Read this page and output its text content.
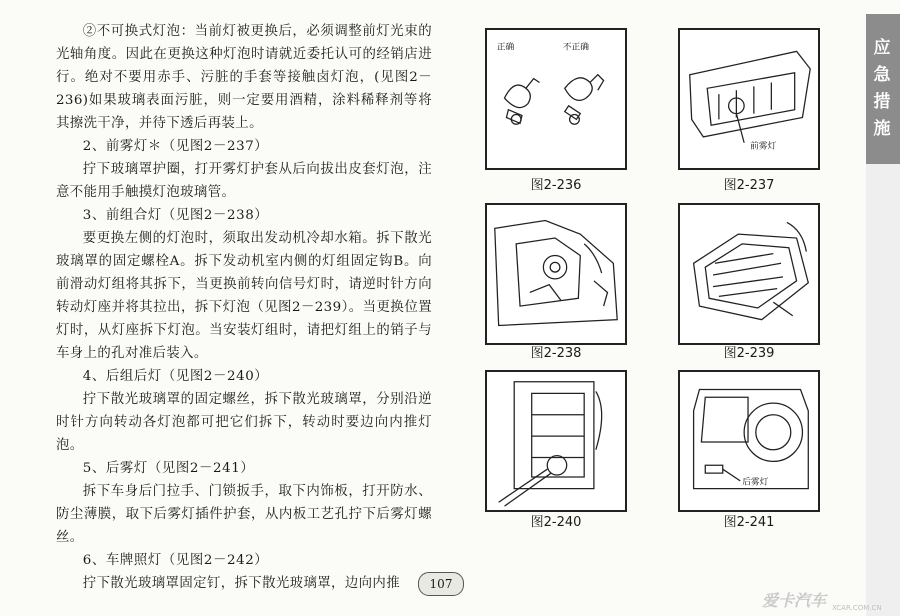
②不可换式灯泡：当前灯被更换后，必须调整前灯光束的光轴角度。因此在更换这种灯泡时请就近委托认可的经销店进行。绝对不要用赤手、污脏的手套等接触卤灯泡，(见图2－236)如果玻璃表面污脏，则一定要用酒精，涂料稀释剂等将其擦洗干净，并待下透后再装上。

2、前雾灯＊（见图2－237）

拧下玻璃罩护圈，打开雾灯护套从后向拔出皮套灯泡，注意不能用手触摸灯泡玻璃管。

3、前组合灯（见图2－238）

要更换左侧的灯泡时，须取出发动机冷却水箱。拆下散光玻璃罩的固定螺栓A。拆下发动机室内侧的灯组固定钩B。向前滑动灯组将其拆下，当更换前转向信号灯时，请逆时针方向转动灯座并将其拉出，拆下灯泡（见图2－239）。当更换位置灯时，从灯座拆下灯泡。当安装灯组时，请把灯组上的销子与车身上的孔对准后装入。

4、后组后灯（见图2－240）

拧下散光玻璃罩的固定螺丝，拆下散光玻璃罩，分别沿逆时针方向转动各灯泡都可把它们拆下，转动时要边向内推灯泡。

5、后雾灯（见图2－241）

拆下车身后门拉手、门锁扳手，取下内饰板，打开防水、防尘薄膜，取下后雾灯插件护套，从内板工艺孔拧下后雾灯螺丝。

6、车牌照灯（见图2－242）

拧下散光玻璃罩固定钉，拆下散光玻璃罩，边向内推

正确	不正确
图2-236
前雾灯
图2-237
图2-238	图2-239
图2-240
后雾灯
图2-241
应
急
措
施
107
爱卡汽车 XCAR.COM.CN
